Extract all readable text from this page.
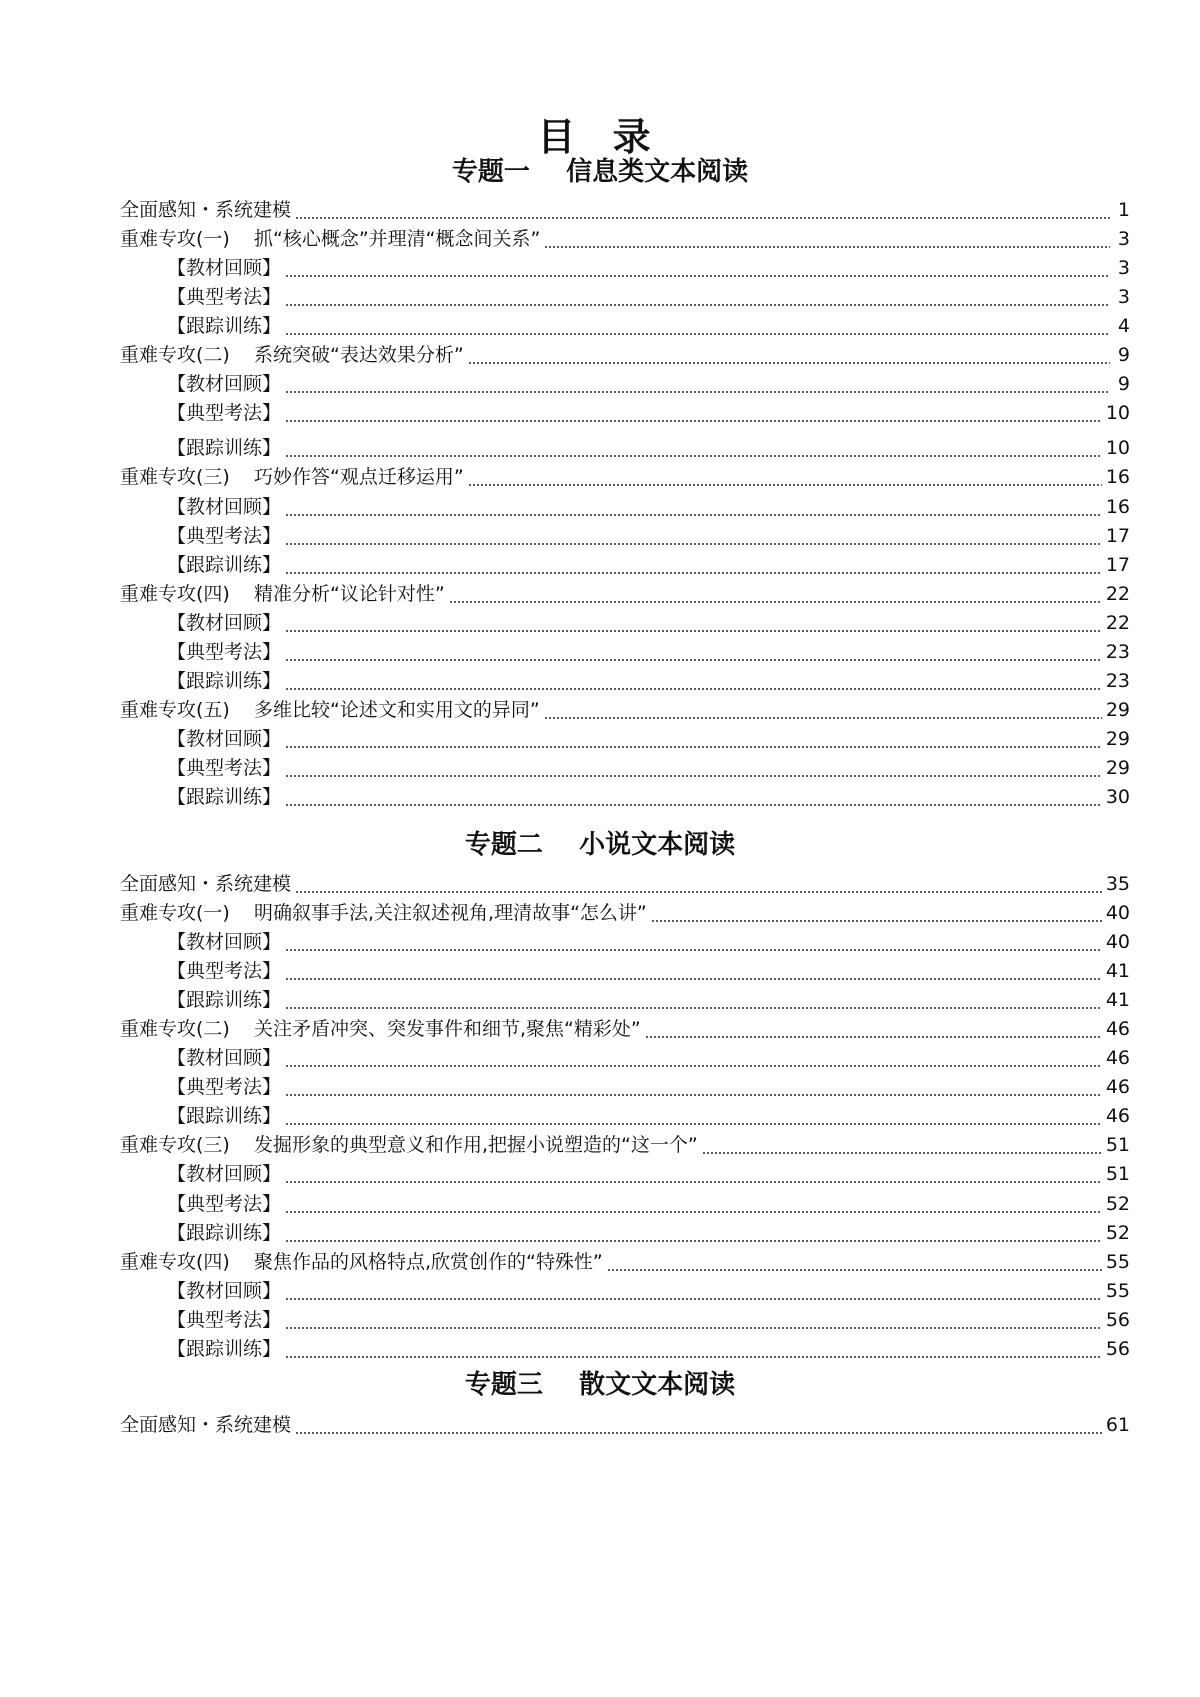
目 录
专题一    信息类文本阅读
全面感知・系统建模	1
重难专攻(一)    抓“核心概念”并理清“概念间关系”	3
【教材回顾】	3
【典型考法】	3
【跟踪训练】	4
重难专攻(二)    系统突破“表达效果分析”	9
【教材回顾】	9
【典型考法】	10
【跟踪训练】	10
重难专攻(三)    巧妙作答“观点迁移运用”	16
【教材回顾】	16
【典型考法】	17
【跟踪训练】	17
重难专攻(四)    精准分析“议论针对性”	22
【教材回顾】	22
【典型考法】	23
【跟踪训练】	23
重难专攻(五)    多维比较“论述文和实用文的异同”	29
【教材回顾】	29
【典型考法】	29
【跟踪训练】	30
专题二    小说文本阅读
全面感知・系统建模	35
重难专攻(一)    明确叙事手法,关注叙述视角,理清故事“怎么讲”	40
【教材回顾】	40
【典型考法】	41
【跟踪训练】	41
重难专攻(二)    关注矛盾冲突、突发事件和细节,聚焦“精彩处”	46
【教材回顾】	46
【典型考法】	46
【跟踪训练】	46
重难专攻(三)    发掘形象的典型意义和作用,把握小说塑造的“这一个”	51
【教材回顾】	51
【典型考法】	52
【跟踪训练】	52
重难专攻(四)    聚焦作品的风格特点,欣赏创作的“特殊性”	55
【教材回顾】	55
【典型考法】	56
【跟踪训练】	56
专题三    散文文本阅读
全面感知・系统建模	61
